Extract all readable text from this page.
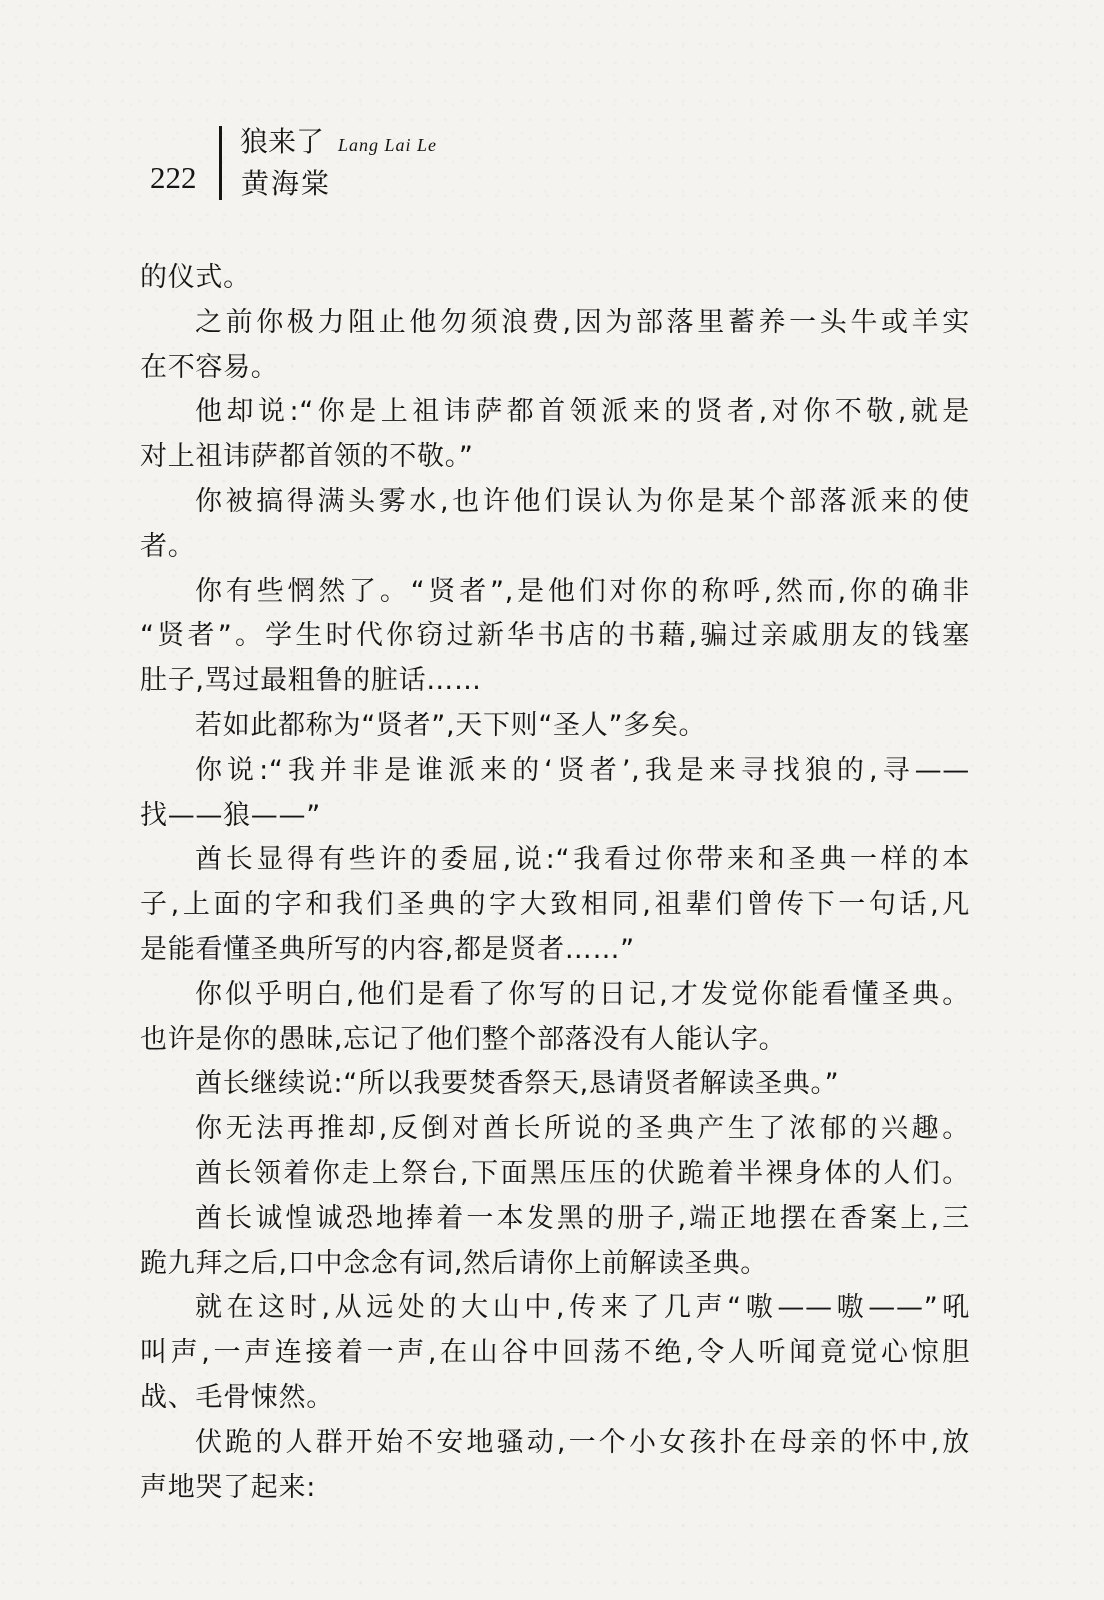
222
狼来了 Lang Lai Le
黄海棠
的仪式。
之前你极力阻止他勿须浪费,因为部落里蓄养一头牛或羊实
在不容易。
他却说:“你是上祖讳萨都首领派来的贤者,对你不敬,就是
对上祖讳萨都首领的不敬。”
你被搞得满头雾水,也许他们误认为你是某个部落派来的使
者。
你有些惘然了。“贤者”,是他们对你的称呼,然而,你的确非
“贤者”。学生时代你窃过新华书店的书藉,骗过亲戚朋友的钱塞
肚子,骂过最粗鲁的脏话……
若如此都称为“贤者”,天下则“圣人”多矣。
你说:“我并非是谁派来的‘贤者’,我是来寻找狼的,寻——
找——狼——”
酋长显得有些许的委屈,说:“我看过你带来和圣典一样的本
子,上面的字和我们圣典的字大致相同,祖辈们曾传下一句话,凡
是能看懂圣典所写的内容,都是贤者……”
你似乎明白,他们是看了你写的日记,才发觉你能看懂圣典。
也许是你的愚昧,忘记了他们整个部落没有人能认字。
酋长继续说:“所以我要焚香祭天,恳请贤者解读圣典。”
你无法再推却,反倒对酋长所说的圣典产生了浓郁的兴趣。
酋长领着你走上祭台,下面黑压压的伏跪着半裸身体的人们。
酋长诚惶诚恐地捧着一本发黑的册子,端正地摆在香案上,三
跪九拜之后,口中念念有词,然后请你上前解读圣典。
就在这时,从远处的大山中,传来了几声“嗷——嗷——”吼
叫声,一声连接着一声,在山谷中回荡不绝,令人听闻竟觉心惊胆
战、毛骨悚然。
伏跪的人群开始不安地骚动,一个小女孩扑在母亲的怀中,放
声地哭了起来:
